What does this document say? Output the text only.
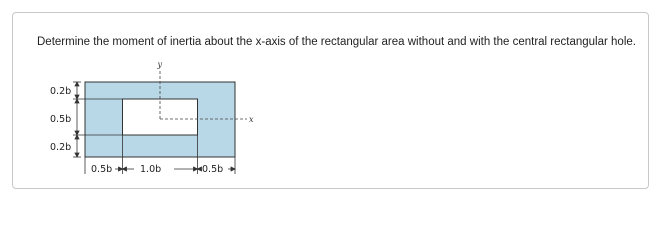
Determine the moment of inertia about the x-axis of the rectangular area without and with the central rectangular hole.
y
x
0.2b
0.5b
0.2b
0.5b	1.0b	0.5b
